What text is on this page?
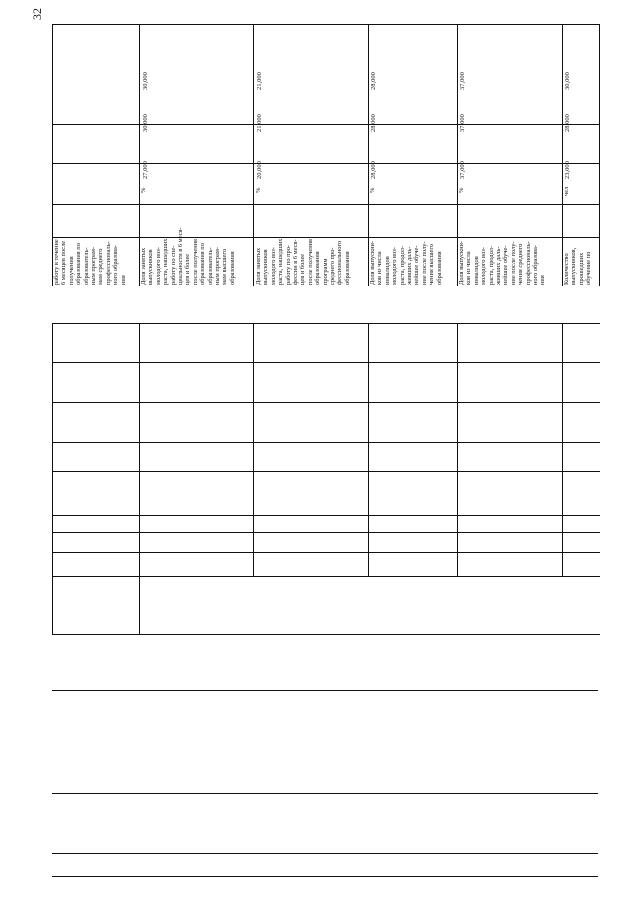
32
работу в течение 6 месяцев после получения образования по образователь- ным програм- мам среднего профессиональ- ного образова- ния
30,000
Доля занятых выпускников молодого воз- раста, нашедших работу по спе- циальности в 6 меся- цев и более после получения образования по образователь- ным програм- мам высшего образования
%
27,000
30,000
21,000
Доля занятых выпускников молодого воз- раста, нашедших работу по про- фессии в 6 меся- цев и более после получения образования программ среднего про- фессионального образования
%
20,000
21,000
28,000
Доля выпускни- ков из числа инвалидов молодого воз- раста, продол- живших даль- нейшее обуче- ние после полу- чения высшего образования
%
28,000
28,000
37,000
Доля выпускни- ков из числа инвалидов молодого воз- раста, продол- живших даль- нейшее обуче- ние после полу- чения среднего профессиональ- ного образова- ния
%
37,000
37,000
30,000
Количество выпускников, прошедших обучение по
чел
23,000
28,000
